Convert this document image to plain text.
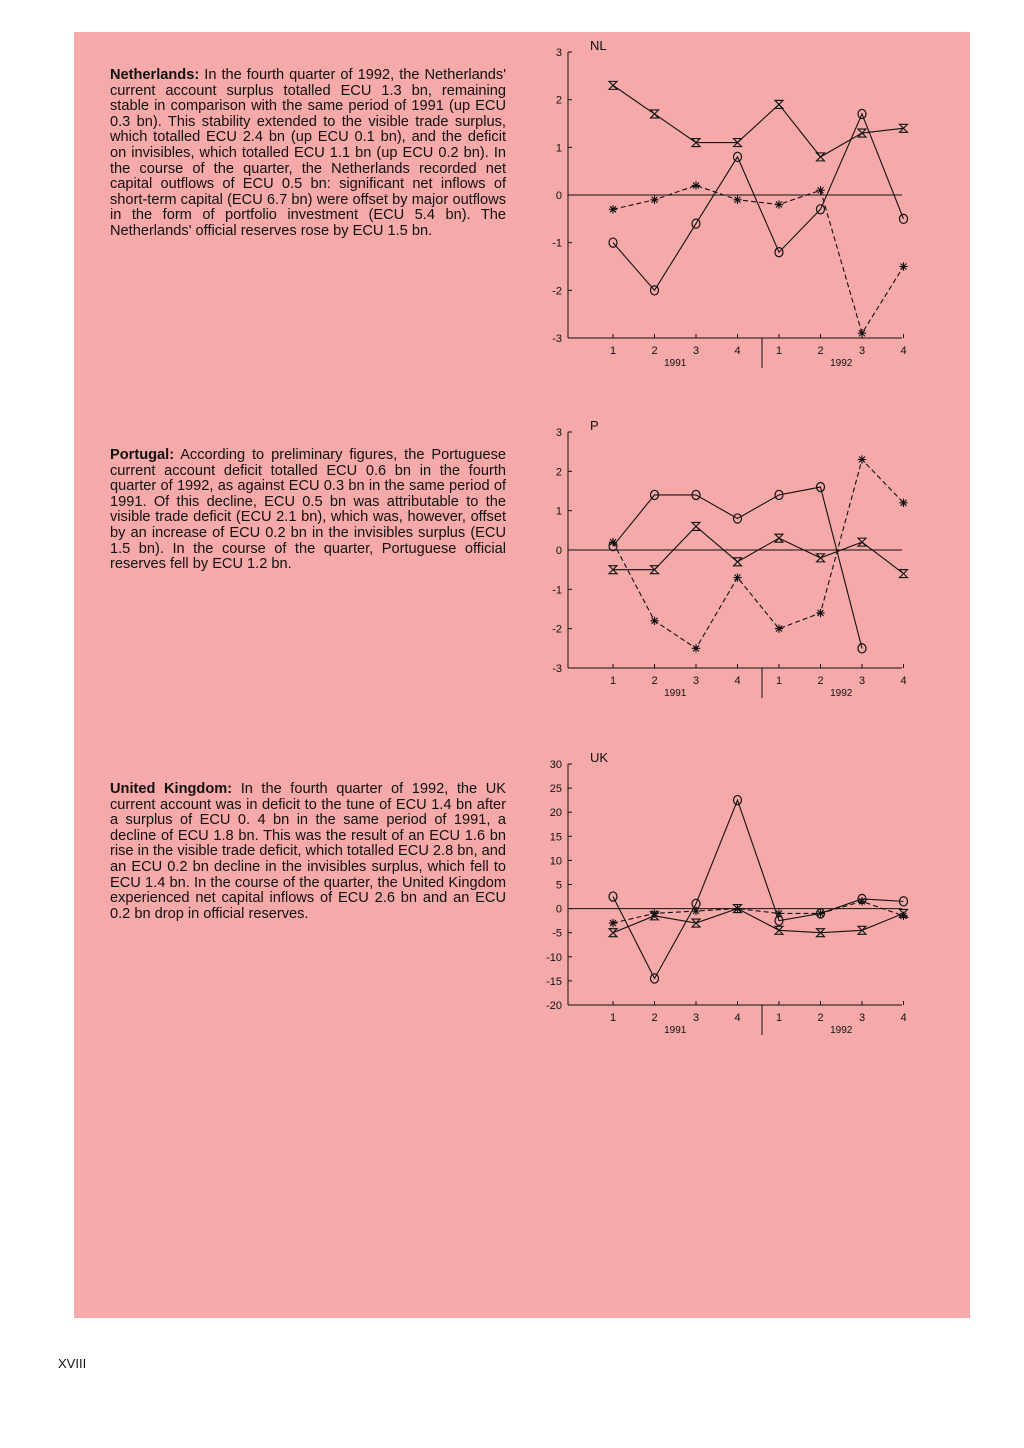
Netherlands: In the fourth quarter of 1992, the Netherlands' current account surplus totalled ECU 1.3 bn, remaining stable in comparison with the same period of 1991 (up ECU 0.3 bn). This stability extended to the visible trade surplus, which totalled ECU 2.4 bn (up ECU 0.1 bn), and the deficit on invisibles, which totalled ECU 1.1 bn (up ECU 0.2 bn). In the course of the quarter, the Netherlands recorded net capital outflows of ECU 0.5 bn: significant net inflows of short-term capital (ECU 6.7 bn) were offset by major outflows in the form of portfolio investment (ECU 5.4 bn). The Netherlands' official reserves rose by ECU 1.5 bn.

Portugal: According to preliminary figures, the Portuguese current account deficit totalled ECU 0.6 bn in the fourth quarter of 1992, as against ECU 0.3 bn in the same period of 1991. Of this decline, ECU 0.5 bn was attributable to the visible trade deficit (ECU 2.1 bn), which was, however, offset by an increase of ECU 0.2 bn in the invisibles surplus (ECU 1.5 bn). In the course of the quarter, Portuguese official reserves fell by ECU 1.2 bn.

United Kingdom: In the fourth quarter of 1992, the UK current account was in deficit to the tune of ECU 1.4 bn after a surplus of ECU 0. 4 bn in the same period of 1991, a decline of ECU 1.8 bn. This was the result of an ECU 1.6 bn rise in the visible trade deficit, which totalled ECU 2.8 bn, and an ECU 0.2 bn decline in the invisibles surplus, which fell to ECU 1.4 bn. In the course of the quarter, the United Kingdom experienced net capital inflows of ECU 2.6 bn and an ECU 0.2 bn drop in official reserves.

3
2
1
0
-1
-2
-3
NL
1	2	3	4	1	2	3	4
1991	1992
3
2
1
0
-1
-2
-3
P
1	2	3	4	1	2	3	4
1991	1992
30
25
20
15
10
5
0
-5
-10
-15
-20
UK
1	2	3	4	1	2	3	4
1991	1992
XVIII
